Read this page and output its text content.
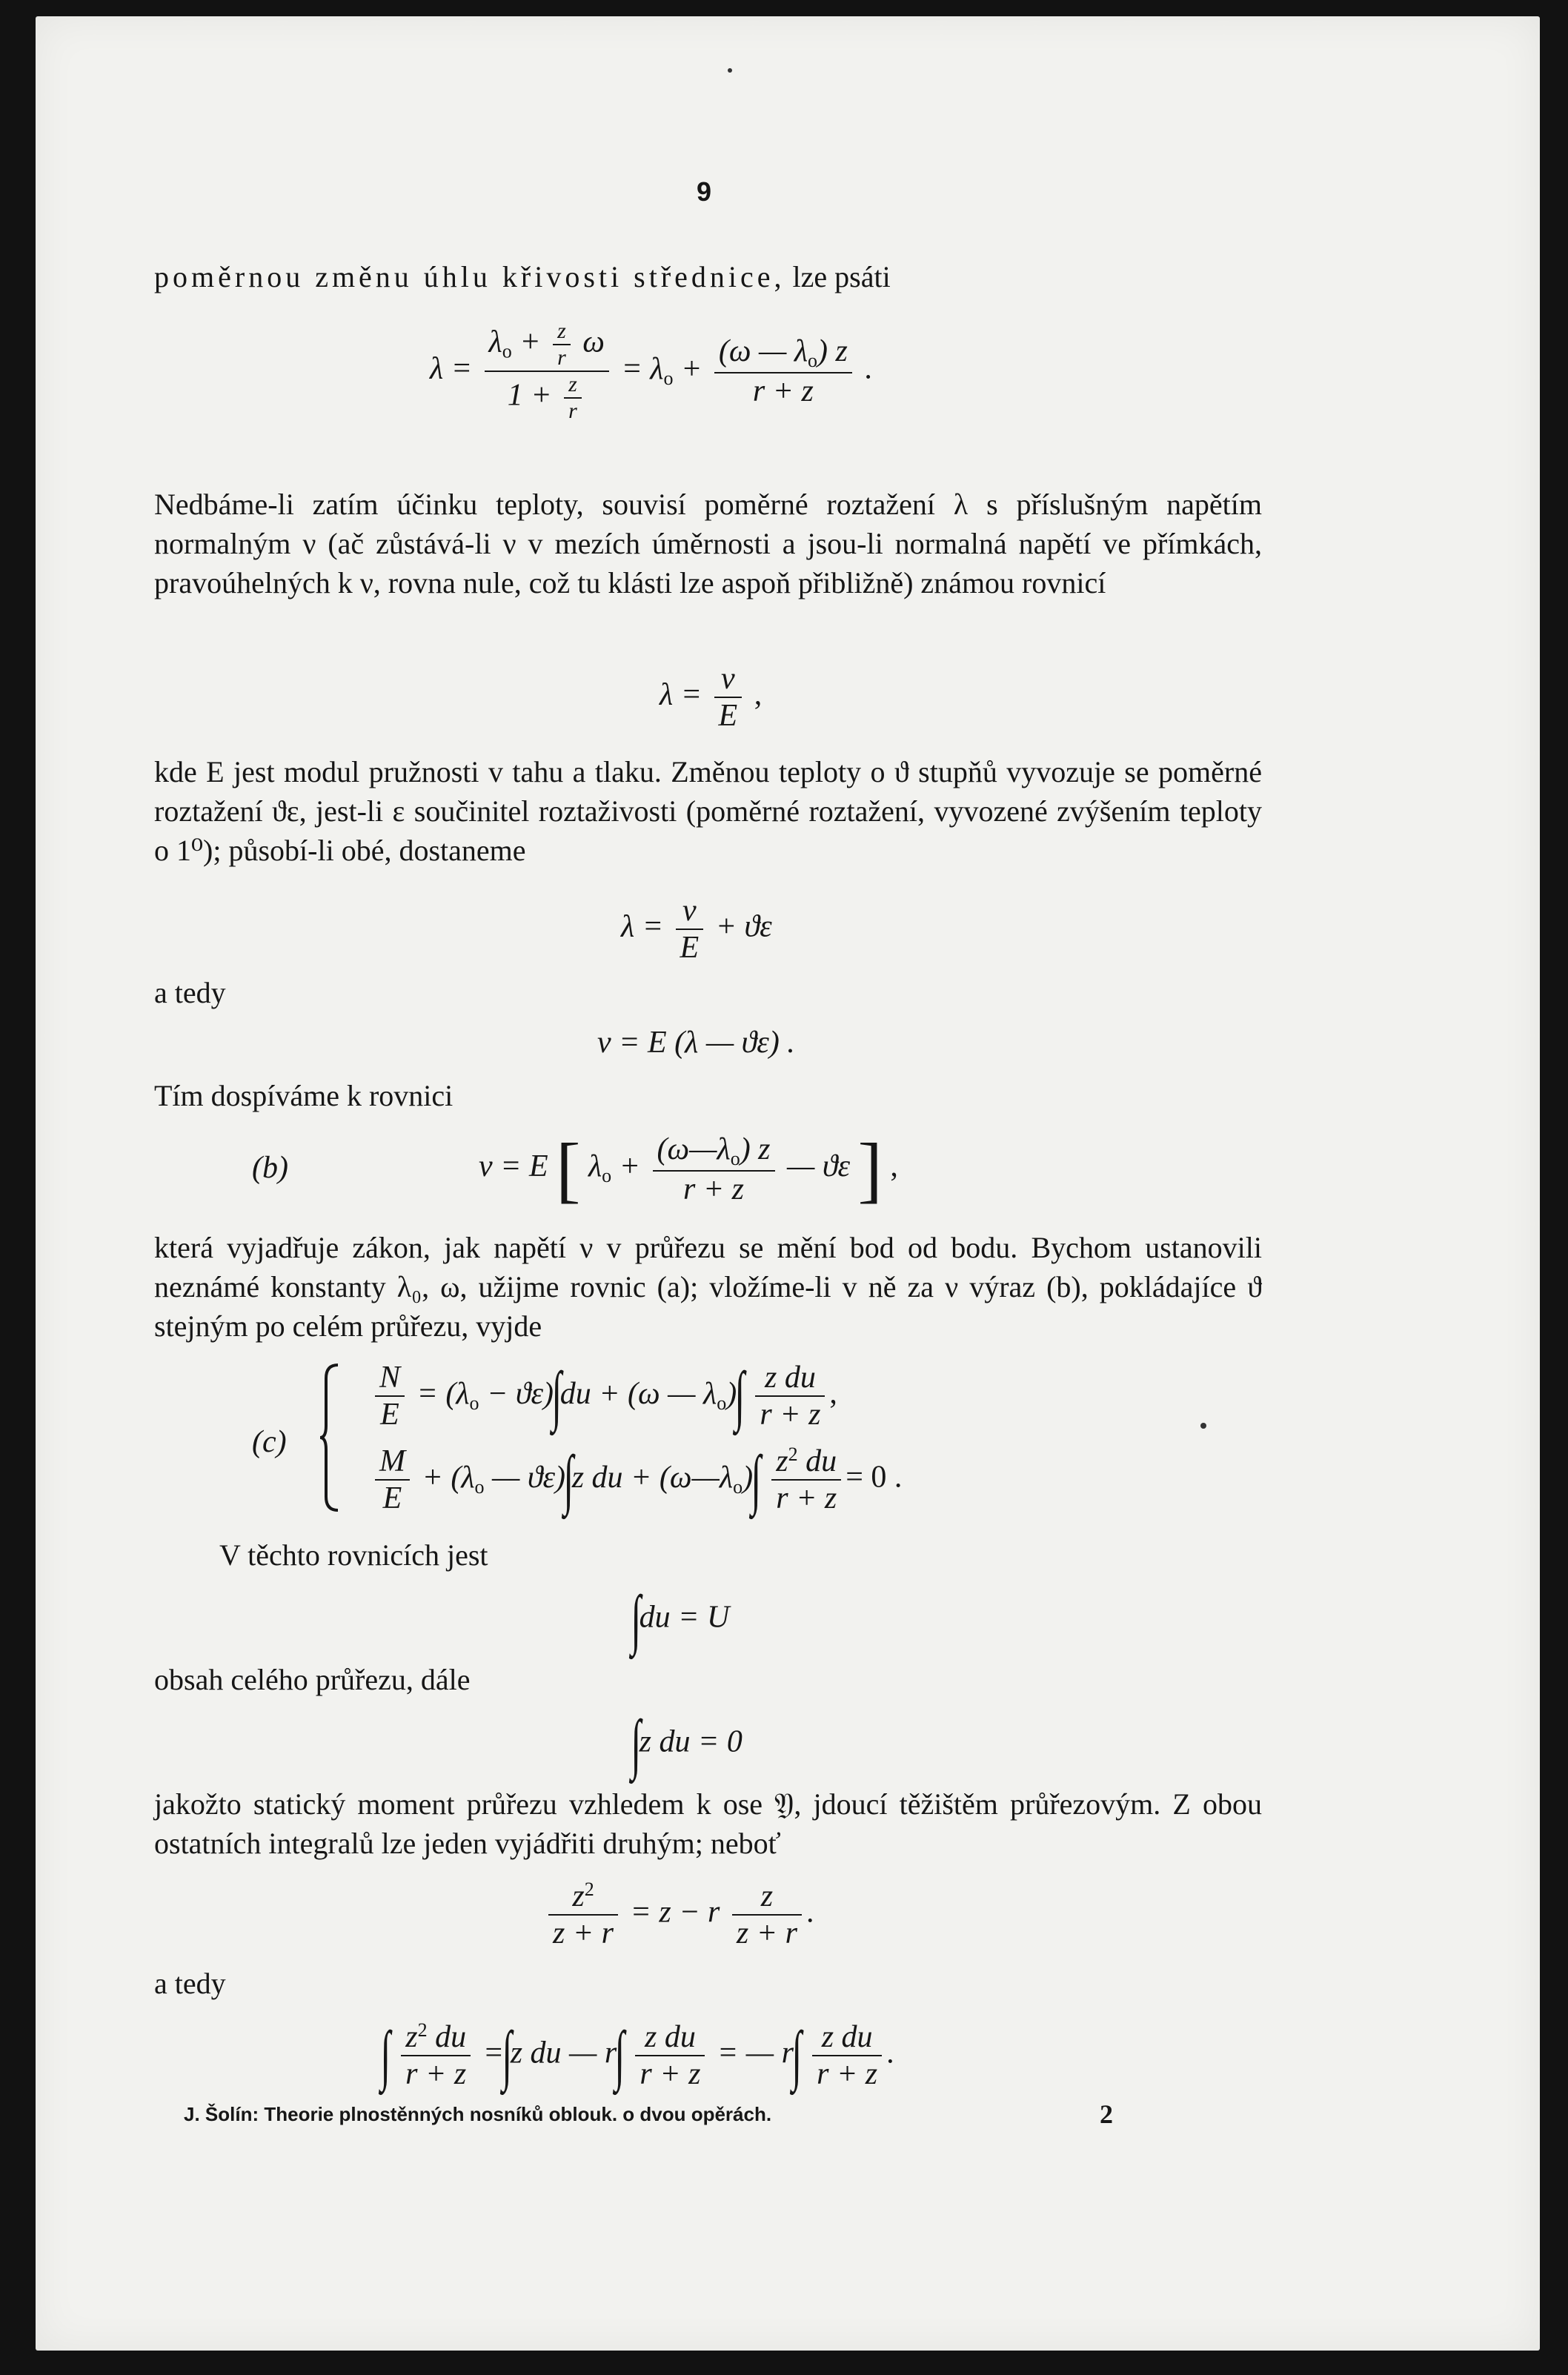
9
poměrnou změnu úhlu křivosti střednice, lze psáti
$\lambda = \frac{\lambda_o + \frac{z}{r} \omega}{1 + \frac{z}{r}} = \lambda_o + \frac{(\omega — \lambda_o) z}{r + z}$ .
Nedbáme-li zatím účinku teploty, souvisí poměrné roztažení λ s příslušným napětím normalným ν (ač zůstává-li ν v mezích úměrnosti a jsou-li normalná napětí ve přímkách, pravoúhelných k ν, rovna nule, což tu klásti lze aspoň přibližně) známou rovnicí
$\lambda = \frac{\nu}{E}$ ,
kde E jest modul pružnosti v tahu a tlaku. Změnou teploty o ϑ stupňů vyvozuje se poměrné roztažení ϑε, jest-li ε součinitel roztaživosti (poměrné roztažení, vyvozené zvýšením teploty o 1⁰); působí-li obé, dostaneme
$\lambda = \frac{\nu}{E} + ϑ\varepsilon$
a tedy
ν = E (λ — ϑε) .
Tím dospíváme k rovnici
(b)	ν = E [ $\lambda_o + \frac{(\omega—\lambda_o) z}{r + z}$ — ϑε ] ,
která vyjadřuje zákon, jak napětí ν v průřezu se mění bod od bodu. Bychom ustanovili neznámé konstanty λ₀, ω, užijme rovnic (a); vložíme-li v ně za ν výraz (b), pokládajíce ϑ stejným po celém průřezu, vyjde
(c)
$\frac{N}{E} = (\lambda_o - ϑ\varepsilon)\int du + (\omega$ — $\lambda_o)\int \frac{\text{z du}}{r + z}$ ,
$\frac{M}{E} + (\lambda_o$ — ϑε)∫z du + $(\omega—\lambda_o)\int \frac{z^2 du}{r + z} = 0$ .
V těchto rovnicích jest
∫du = U
obsah celého průřezu, dále
∫z du = 0
jakožto statický moment průřezu vzhledem k ose 𝔜, jdoucí těžištěm průřezovým. Z obou ostatních integralů lze jeden vyjádřiti druhým; neboť
$\frac{z^2}{z + r} = z - r \frac{z}{z + r}$ .
a tedy
∫ $\frac{z^2 du}{r + z} =\int z$ du — $r\int \frac{\text{z du}}{r + z}$ = — $r\int \frac{\text{z du}}{r + z}$ .
J. Šolín: Theorie plnostěnných nosníků oblouk. o dvou opěrách.	2
